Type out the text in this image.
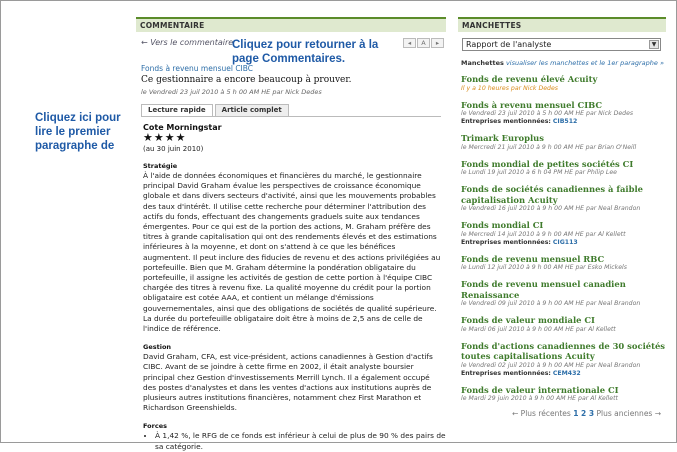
Cliquez ici pour lire le premier paragraphe de
COMMENTAIRE
← Vers le commentaire	◂	A	▸
Fonds à revenu mensuel CIBC
Ce gestionnaire a encore beaucoup à prouver.
le Vendredi 23 juil 2010 à 5 h 00 AM HE par Nick Dedes
Lecture rapide	Article complet
Cote Morningstar
★★★★
(au 30 juin 2010)
Stratégie
À l'aide de données économiques et financières du marché, le gestionnaire principal David Graham évalue les perspectives de croissance économique globale et dans divers secteurs d'activité, ainsi que les mouvements probables des taux d'intérêt. Il utilise cette recherche pour déterminer l'attribution des actifs du fonds, effectuant des changements graduels suite aux tendances émergentes. Pour ce qui est de la portion des actions, M. Graham préfère des titres à grande capitalisation qui ont des rendements élevés et des estimations inférieures à la moyenne, et dont on s'attend à ce que les bénéfices augmentent. Il peut inclure des fiducies de revenu et des actions privilégiées au portefeuille. Bien que M. Graham détermine la pondération obligataire du portefeuille, il assigne les activités de gestion de cette portion à l'équipe CIBC chargée des titres à revenu fixe. La qualité moyenne du crédit pour la portion obligataire est cotée AAA, et contient un mélange d'émissions gouvernementales, ainsi que des obligations de sociétés de qualité supérieure. La durée du portefeuille obligataire doit être à moins de 2,5 ans de celle de l'indice de référence.
Gestion
David Graham, CFA, est vice-président, actions canadiennes à Gestion d'actifs CIBC. Avant de se joindre à cette firme en 2002, il était analyste boursier principal chez Gestion d'investissements Merrill Lynch. Il a également occupé des postes d'analystes et dans les ventes d'actions aux institutions auprès de plusieurs autres institutions financières, notamment chez First Marathon et Richardson Greenshields.
Forces
• À 1,42 %, le RFG de ce fonds est inférieur à celui de plus de 90 % des pairs de sa catégorie.
Cliquez pour retourner à la page Commentaires.
MANCHETTES
Rapport de l'analyste	▼
Manchettes visualiser les manchettes et le 1er paragraphe »
Fonds de revenu élevé Acuity
Il y a 10 heures par Nick Dedes
Fonds à revenu mensuel CIBC
le Vendredi 23 juil 2010 à 5 h 00 AM HE par Nick Dedes
Entreprises mentionnées: CIB512
Trimark Europlus
le Mercredi 21 juil 2010 à 9 h 00 AM HE par Brian O'Neill
Fonds mondial de petites sociétés CI
le Lundi 19 juil 2010 à 6 h 04 PM HE par Philip Lee
Fonds de sociétés canadiennes à faible capitalisation Acuity
le Vendredi 16 juil 2010 à 9 h 00 AM HE par Neal Brandon
Fonds mondial CI
le Mercredi 14 juil 2010 à 9 h 00 AM HE par Al Kellett
Entreprises mentionnées: CIG113
Fonds de revenu mensuel RBC
le Lundi 12 juil 2010 à 9 h 00 AM HE par Esko Mickels
Fonds de revenu mensuel canadien Renaissance
le Vendredi 09 juil 2010 à 9 h 00 AM HE par Neal Brandon
Fonds de valeur mondiale CI
le Mardi 06 juil 2010 à 9 h 00 AM HE par Al Kellett
Fonds d'actions canadiennes de 30 sociétés toutes capitalisations Acuity
le Vendredi 02 juil 2010 à 9 h 00 AM HE par Neal Brandon
Entreprises mentionnées: CEM432
Fonds de valeur internationale CI
le Mardi 29 juin 2010 à 9 h 00 AM HE par Al Kellett
← Plus récentes 1 2 3 Plus anciennes →
